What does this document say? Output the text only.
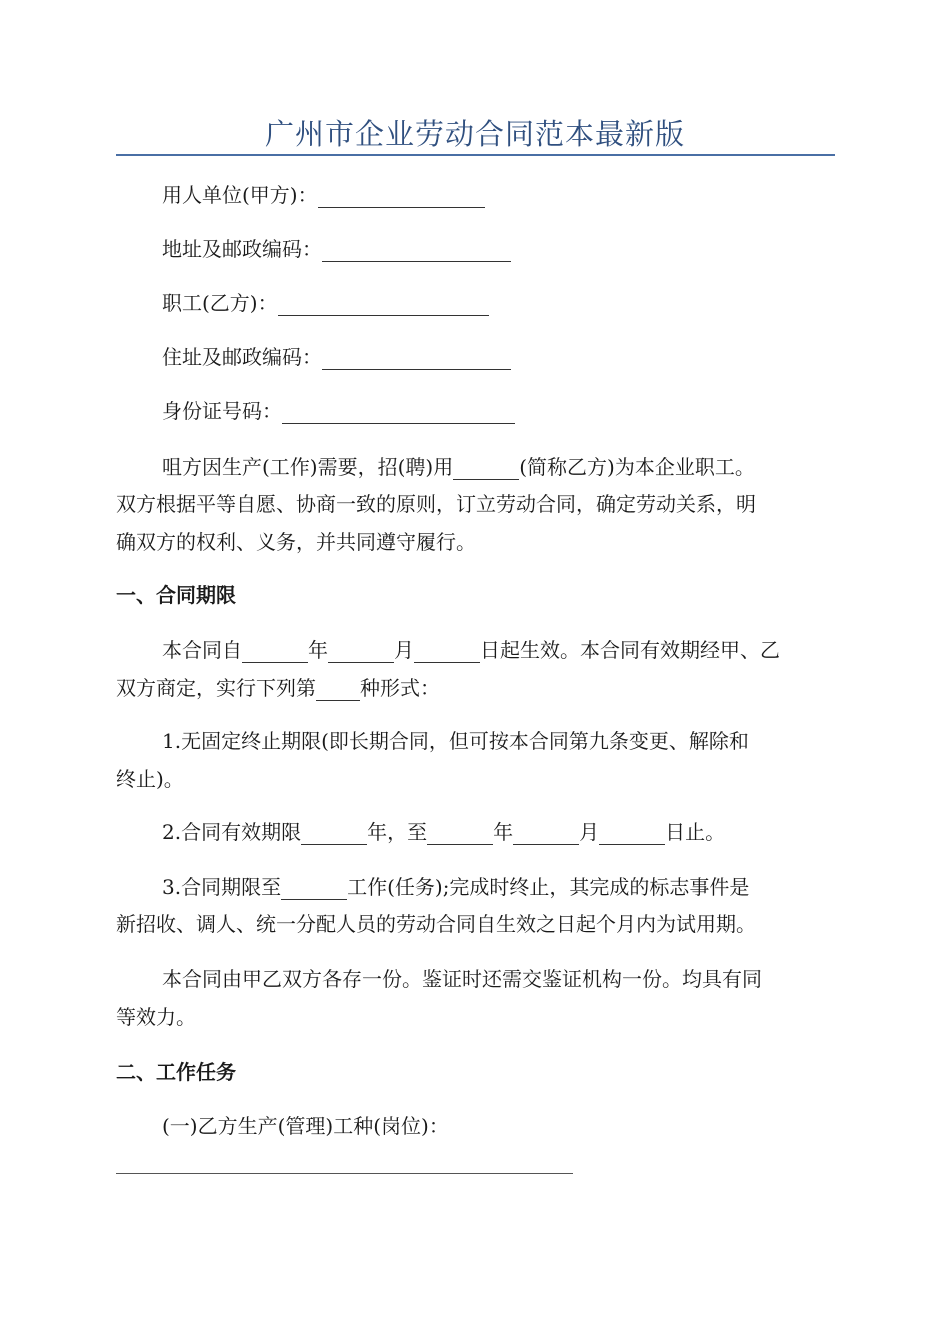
广州市企业劳动合同范本最新版
用人单位(甲方)：
地址及邮政编码：
职工(乙方)：
住址及邮政编码：
身份证号码：
咀方因生产(工作)需要，招(聘)用	(简称乙方)为本企业职工。
双方根据平等自愿、协商一致的原则，订立劳动合同，确定劳动关系，明
确双方的权利、义务，并共同遵守履行。
一、合同期限
本合同自	年	月	日起生效。本合同有效期经甲、乙
双方商定，实行下列第 种形式：
1.无固定终止期限(即长期合同，但可按本合同第九条变更、解除和
终止)。
2.合同有效期限	年，至	年	月	日止。
3.合同期限至	工作(任务);完成时终止，其完成的标志事件是
新招收、调人、统一分配人员的劳动合同自生效之日起个月内为试用期。
本合同由甲乙双方各存一份。鉴证时还需交鉴证机构一份。均具有同
等效力。
二、工作任务
(一)乙方生产(管理)工种(岗位)：
